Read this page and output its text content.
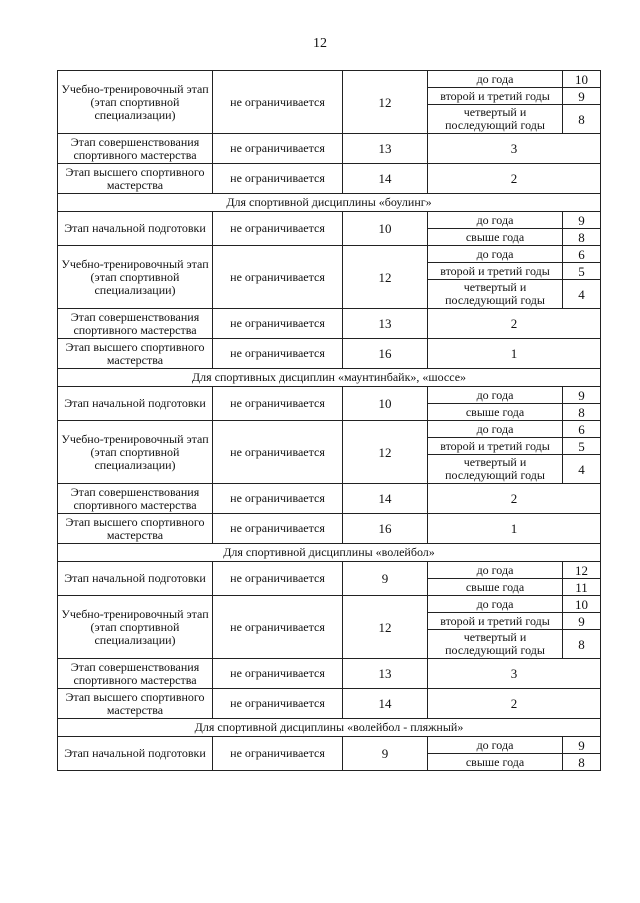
12
Учебно-тренировочный этап (этап спортивной специализации)	не ограничивается	12	до года	10
			второй и третий годы	9
			четвертый и последующий годы	8
Этап совершенствования спортивного мастерства	не ограничивается	13	3	
Этап высшего спортивного мастерства	не ограничивается	14	2	
Для спортивной дисциплины «боулинг»				
Этап начальной подготовки	не ограничивается	10	до года	9
			свыше года	8
Учебно-тренировочный этап (этап спортивной специализации)	не ограничивается	12	до года	6
			второй и третий годы	5
			четвертый и последующий годы	4
Этап совершенствования спортивного мастерства	не ограничивается	13	2	
Этап высшего спортивного мастерства	не ограничивается	16	1	
Для спортивных дисциплин «маунтинбайк», «шоссе»				
Этап начальной подготовки	не ограничивается	10	до года	9
			свыше года	8
Учебно-тренировочный этап (этап спортивной специализации)	не ограничивается	12	до года	6
			второй и третий годы	5
			четвертый и последующий годы	4
Этап совершенствования спортивного мастерства	не ограничивается	14	2	
Этап высшего спортивного мастерства	не ограничивается	16	1	
Для спортивной дисциплины «волейбол»				
Этап начальной подготовки	не ограничивается	9	до года	12
			свыше года	11
Учебно-тренировочный этап (этап спортивной специализации)	не ограничивается	12	до года	10
			второй и третий годы	9
			четвертый и последующий годы	8
Этап совершенствования спортивного мастерства	не ограничивается	13	3	
Этап высшего спортивного мастерства	не ограничивается	14	2	
Для спортивной дисциплины «волейбол - пляжный»				
Этап начальной подготовки	не ограничивается	9	до года	9
			свыше года	8
